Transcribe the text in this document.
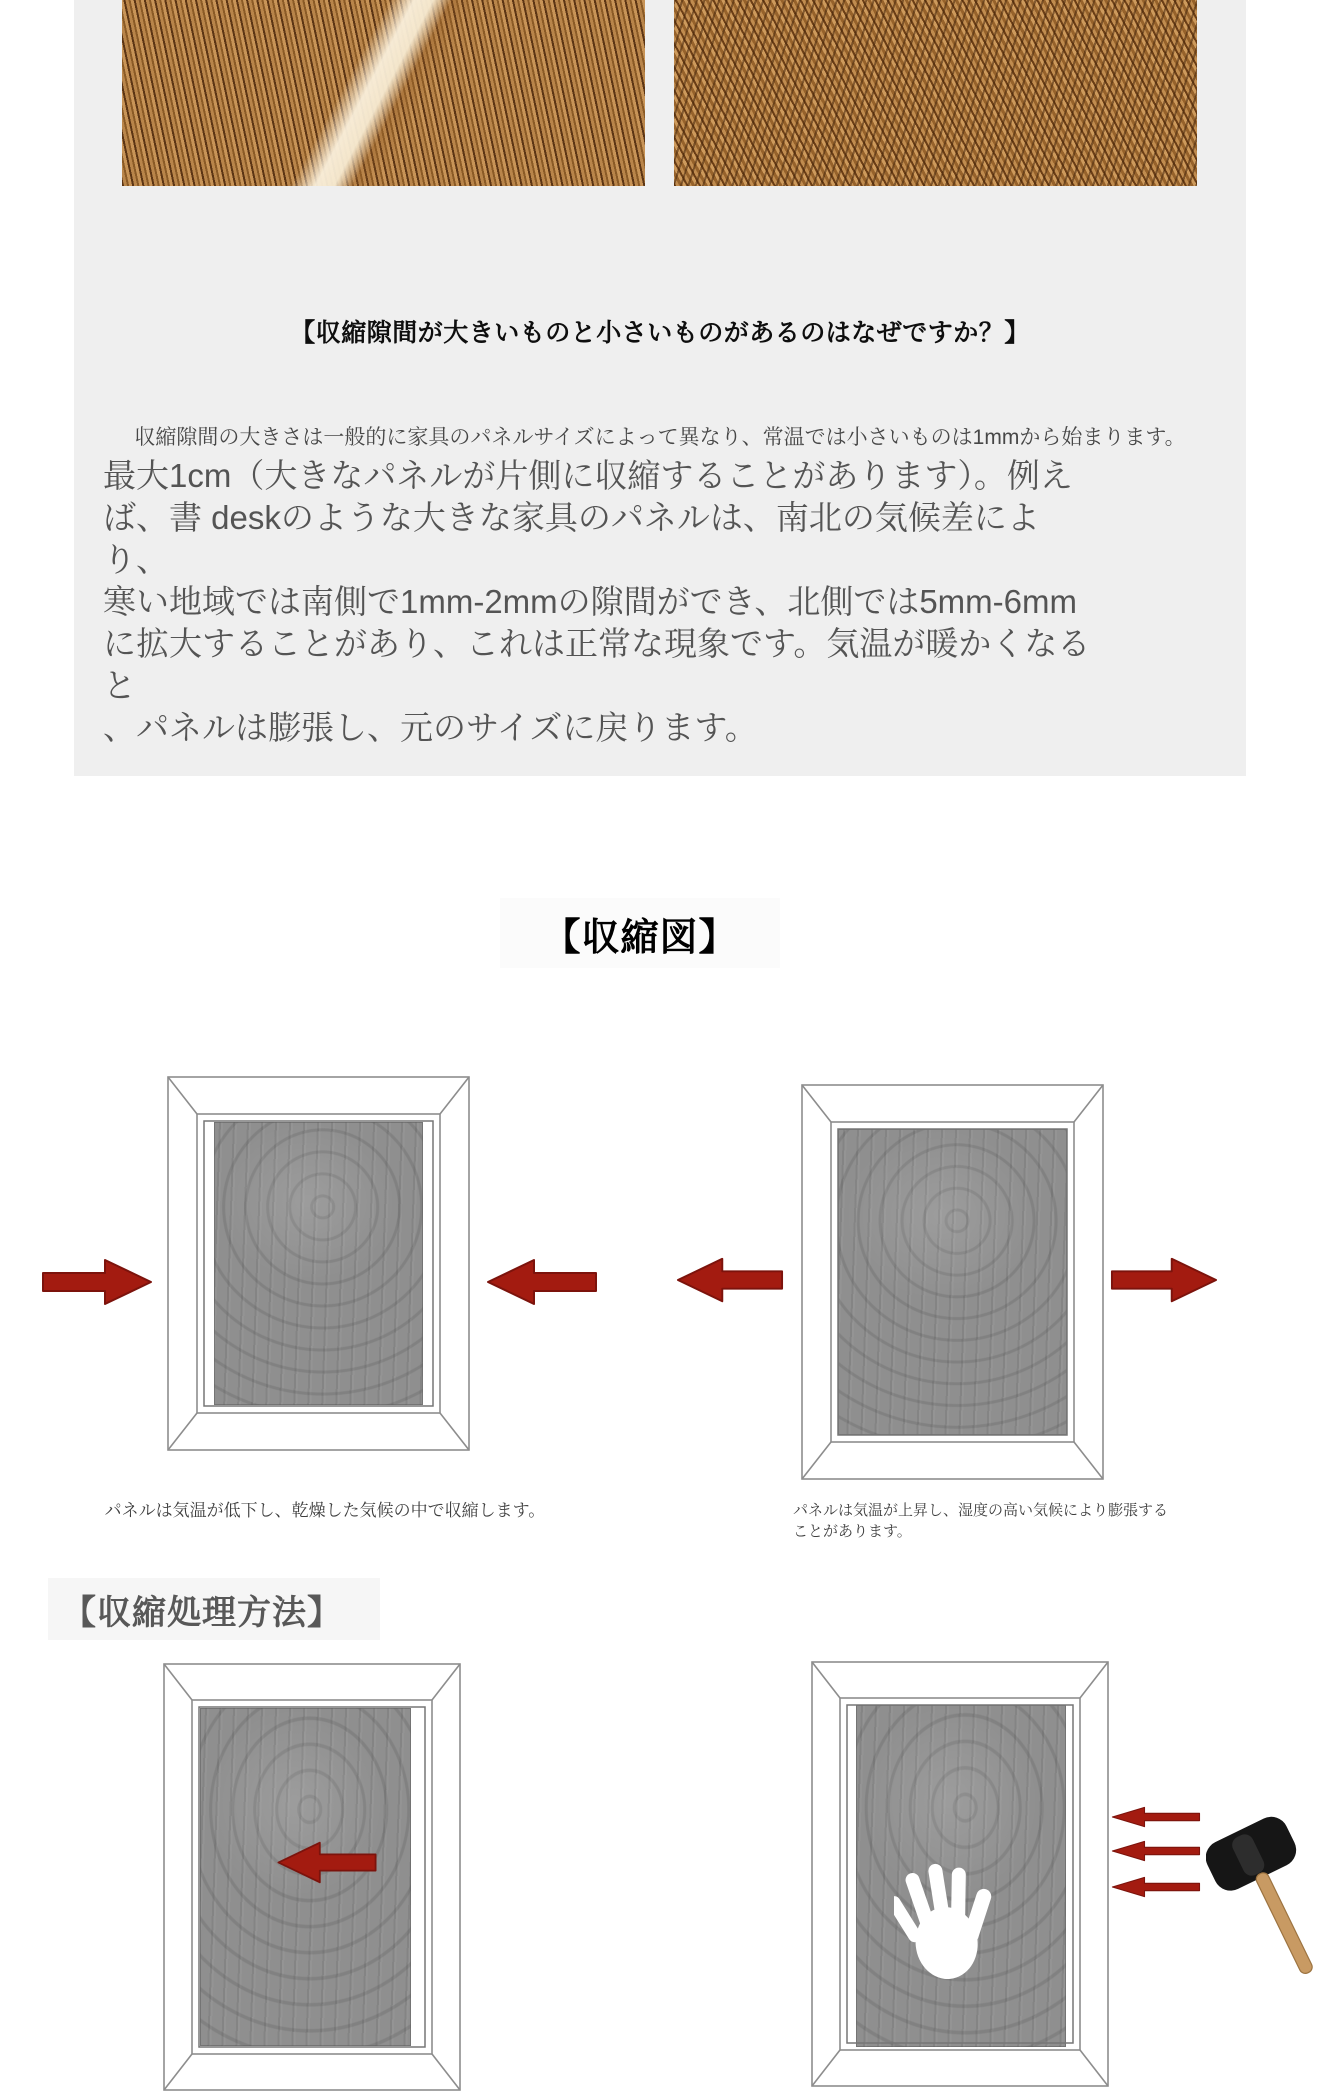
【収縮隙間が大きいものと小さいものがあるのはなぜですか？】
収縮隙間の大きさは一般的に家具のパネルサイズによって異なり、常温では小さいものは1mmから始まります。
最大1cm（大きなパネルが片側に収縮することがあります）。例え
ば、書 deskのような大きな家具のパネルは、南北の気候差により、
寒い地域では南側で1mm-2mmの隙間ができ、北側では5mm-6mm
に拡大することがあり、これは正常な現象です。気温が暖かくなると
、パネルは膨張し、元のサイズに戻ります。
【収縮図】
パネルは気温が低下し、乾燥した気候の中で収縮します。	パネルは気温が上昇し、湿度の高い気候により膨張することがあります。
【収縮処理方法】
